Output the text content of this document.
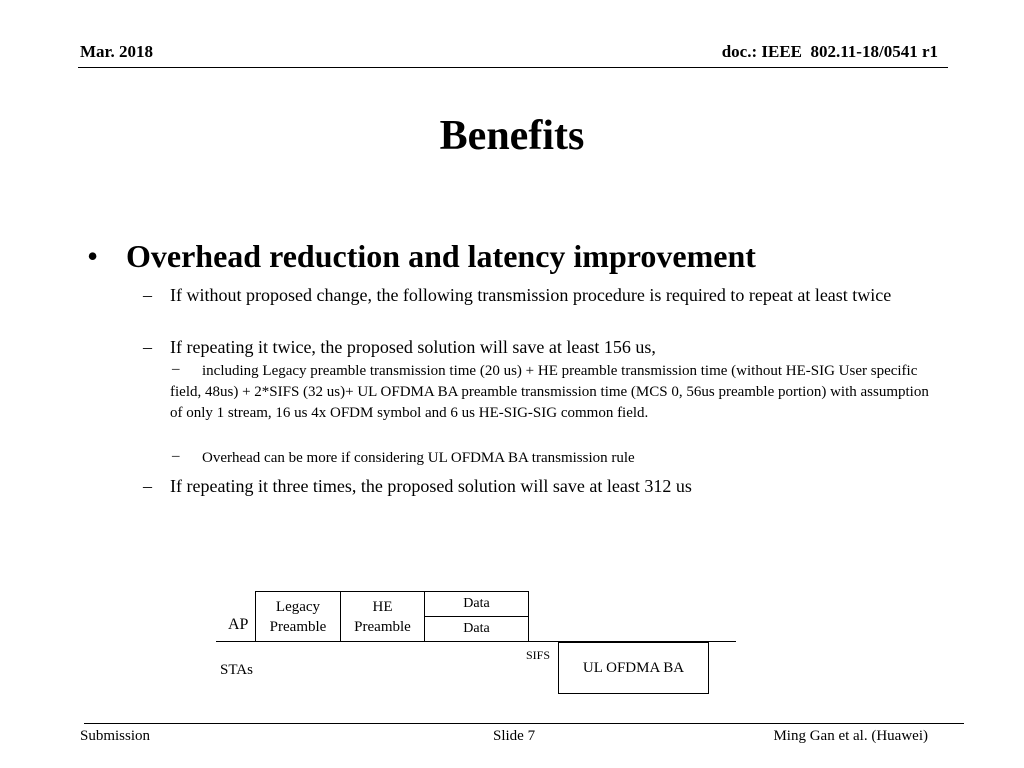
Mar. 2018	doc.: IEEE  802.11-18/0541 r1
Benefits
• Overhead reduction and latency improvement
– If without proposed change, the following transmission procedure is required to repeat at least twice
– If repeating it twice, the proposed solution will save at least 156 us,
–	including Legacy preamble transmission time (20 us) + HE preamble transmission time (without HE-SIG User specific field, 48us) + 2*SIFS (32 us)+ UL OFDMA BA preamble transmission time (MCS 0, 56us preamble portion) with assumption of only 1 stream, 16 us 4x OFDM symbol and 6 us HE-SIG-SIG common field.
– Overhead can be more if considering UL OFDMA BA transmission rule
– If repeating it three times, the proposed solution will save at least 312 us
AP
Legacy
Preamble
HE
Preamble
Data
Data
SIFS
STAs	UL OFDMA BA
Submission	Slide 7	Ming Gan et al. (Huawei)
